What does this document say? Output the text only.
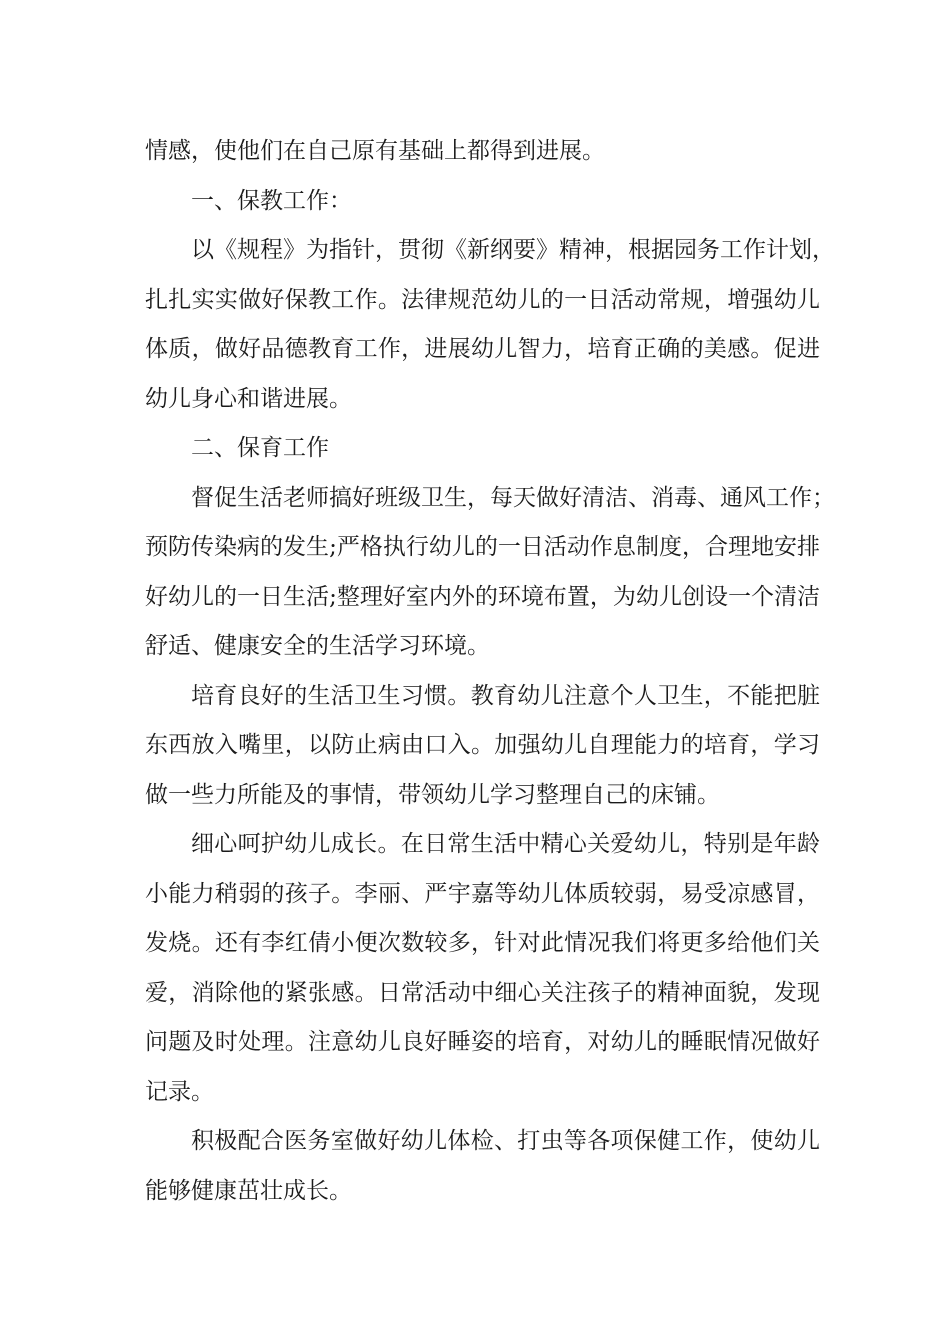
情感，使他们在自己原有基础上都得到进展。
一、保教工作：
以《规程》为指针，贯彻《新纲要》精神，根据园务工作计划，
扎扎实实做好保教工作。法律规范幼儿的一日活动常规，增强幼儿
体质，做好品德教育工作，进展幼儿智力，培育正确的美感。促进
幼儿身心和谐进展。
二、保育工作
督促生活老师搞好班级卫生，每天做好清洁、消毒、通风工作；
预防传染病的发生;严格执行幼儿的一日活动作息制度，合理地安排
好幼儿的一日生活;整理好室内外的环境布置，为幼儿创设一个清洁
舒适、健康安全的生活学习环境。
培育良好的生活卫生习惯。教育幼儿注意个人卫生，不能把脏
东西放入嘴里，以防止病由口入。加强幼儿自理能力的培育，学习
做一些力所能及的事情，带领幼儿学习整理自己的床铺。
细心呵护幼儿成长。在日常生活中精心关爱幼儿，特别是年龄
小能力稍弱的孩子。李丽、严宇嘉等幼儿体质较弱，易受凉感冒，
发烧。还有李红倩小便次数较多，针对此情况我们将更多给他们关
爱，消除他的紧张感。日常活动中细心关注孩子的精神面貌，发现
问题及时处理。注意幼儿良好睡姿的培育，对幼儿的睡眠情况做好
记录。
积极配合医务室做好幼儿体检、打虫等各项保健工作，使幼儿
能够健康茁壮成长。
